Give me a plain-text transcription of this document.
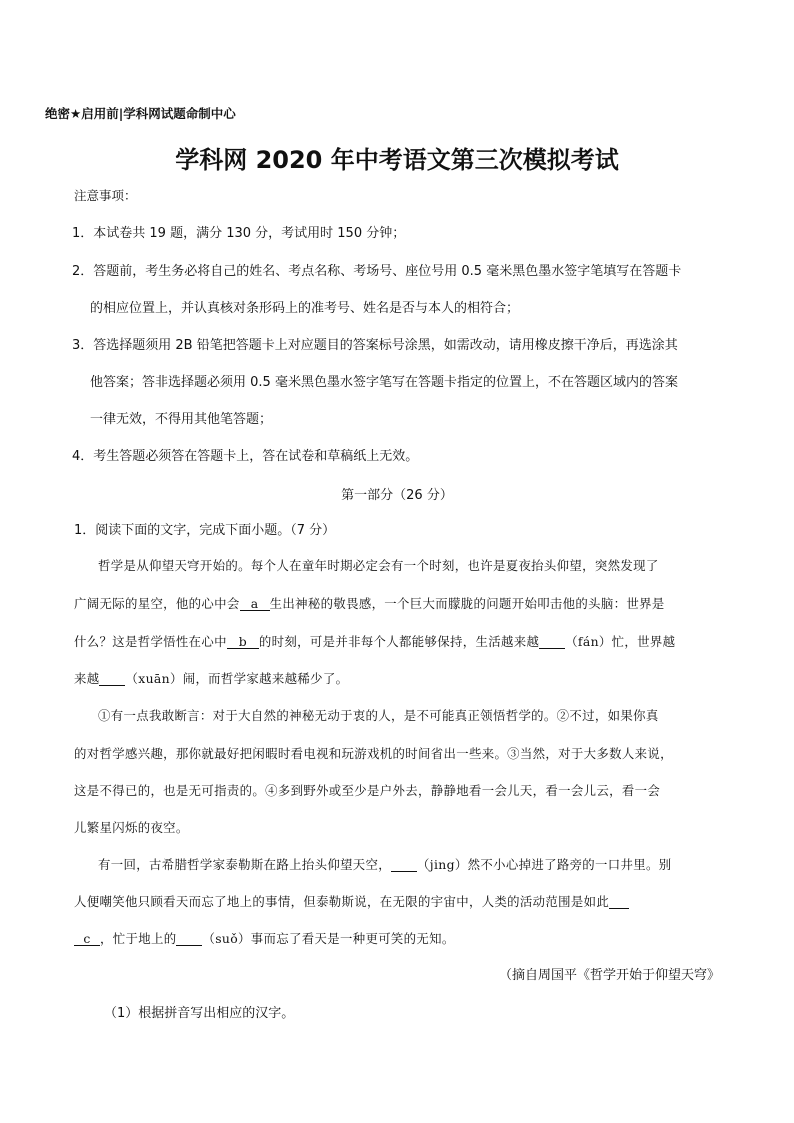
绝密★启用前|学科网试题命制中心
学科网 2020 年中考语文第三次模拟考试
注意事项：
1．本试卷共 19 题，满分 130 分，考试用时 150 分钟；
2．答题前，考生务必将自己的姓名、考点名称、考场号、座位号用 0.5 毫米黑色墨水签字笔填写在答题卡
的相应位置上，并认真核对条形码上的准考号、姓名是否与本人的相符合；
3．答选择题须用 2B 铅笔把答题卡上对应题目的答案标号涂黑，如需改动，请用橡皮擦干净后，再选涂其
他答案；答非选择题必须用 0.5 毫米黑色墨水签字笔写在答题卡指定的位置上，不在答题区域内的答案
一律无效，不得用其他笔答题；
4．考生答题必须答在答题卡上，答在试卷和草稿纸上无效。
第一部分（26 分）
1．阅读下面的文字，完成下面小题。（7 分）
哲学是从仰望天穹开始的。每个人在童年时期必定会有一个时刻，也许是夏夜抬头仰望，突然发现了
广阔无际的星空，他的心中会 a 生出神秘的敬畏感，一个巨大而朦胧的问题开始叩击他的头脑：世界是
什么？这是哲学悟性在心中 b 的时刻，可是并非每个人都能够保持，生活越来越 （fán）忙，世界越
来越 （xuān）闹，而哲学家越来越稀少了。
①有一点我敢断言：对于大自然的神秘无动于衷的人，是不可能真正领悟哲学的。②不过，如果你真
的对哲学感兴趣，那你就最好把闲暇时看电视和玩游戏机的时间省出一些来。③当然，对于大多数人来说，
这是不得已的，也是无可指责的。④多到野外或至少是户外去，静静地看一会儿天，看一会儿云，看一会
儿繁星闪烁的夜空。
有一回，古希腊哲学家泰勒斯在路上抬头仰望天空， （jing）然不小心掉进了路旁的一口井里。别
人便嘲笑他只顾看天而忘了地上的事情，但泰勒斯说，在无限的宇宙中，人类的活动范围是如此
c ，忙于地上的 （suǒ）事而忘了看天是一种更可笑的无知。
（摘自周国平《哲学开始于仰望天穹》
（1）根据拼音写出相应的汉字。
